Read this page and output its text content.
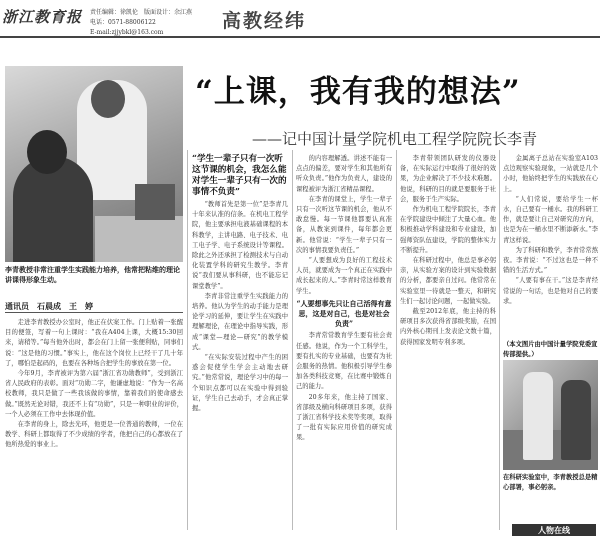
浙江教育报	责任编辑：徐凯伦　版面设计：余江燕
电话：0571-88006122
E-mail:zjjybkl@163.com
高教经纬
李青教授非常注重学生实践能力培养，他常把粘维的理论讲课得形象生动。
通讯员　石晨成　王　婷
“上课，我有我的想法”
——记中国计量学院机电工程学院院长李青
“学生一辈子只有一次听这节课的机会，我怎么能对学生一辈子只有一次的事情不负责”

走进李青教授办公室时，他正在伏案工作。门上贴着一张醒目的便签，写着一句上课时：“我在A404上课，大概15:30回来，请稍等。”每当他外出时，都会在门上留一张便利贴，同事们说：“这是他的习惯。”事实上，他在这个岗位上已经干了几十年了，哪怕是起码的，也要在各种场合把学生的事放在第一位。

今年9月，李青被评为第六届“浙江省功勋教师”，受到浙江省人民政府的表彰。面对“功勋二字，他谦虚地说：“作为一名高校教师，我只是做了一些我该做的事情，靠着我们的使命感去做。”既然无论对错，我还不上有“功勋”，只是一种职业的评价，一个人必须在工作中去体现价值。

在李青的身上，除去光环，他更是一位普通的教师，一位在教学、科研上都取得了不少成绩的学者，他把自己的心都放在了他所热爱的事业上。

“教师首先是第一位”是李青几十年来认准的信条。在机电工程学院，他主要承担电液基础课程的本科教学，主讲电路、电子技术、电工电子学、电子系统设计等课程。除此之外还承担了检测技术与自动化装置学科的研究生教学。李青说“我们要从事科研，也不能忘记课堂教学”。

李青非常注重学生实践能力的培养。他认为学生的动手能力是理论学习的延伸，要让学生在实践中理解理论，在理论中指导实践，形成“课堂—理论—研究”的教学模式。

“在实际安装过程中产生的困惑会促使学生学会主动地去研究。”他常常说，理论学习中的每一个知识点都可以在实验中得到验证，学生自己去动手，才会真正掌握。

的内容理解透。讲述不能有一点点的偏差，要对学生和其他所有听众负责。”他作为负责人，建设的课程被评为浙江省精品课程。

在李青的课堂上，学生一辈子只有一次听这节课的机会，他从不敢怠慢。每一节课他都要认真准备，从教案到课件，每年都会更新。他常说：“学生一辈子只有一次的事情我要负责任。”

“人要想成为良好的工程技术人员，就要成为一个真正在实践中成长起来的人。”李青时常这样教育学生。

“人要想事先只让自己活得有意思，这是对自己，也是对社会负责”

李青常常教育学生要有社会责任感。他说，作为一个工科学生，要有扎实的专业基础，也要有为社会服务的热情。他积极引导学生参加各类科技竞赛，在比赛中锻炼自己的能力。

20多年来，他主持了国家、省部级及横向科研项目多项，获得了浙江省科学技术奖等奖项，取得了一批有实际应用价值的研究成果。

李青带领团队研发的仪器设备，在实际运行中取得了很好的效果，为企业解决了不少技术难题。他说，科研的目的就是要服务于社会，服务于生产实际。

作为机电工程学院院长，李青在学院建设中倾注了大量心血。他积极推动学科建设和专业建设，加强师资队伍建设，学院的整体实力不断提升。

在科研过程中，他总是事必躬亲，从实验方案的设计到实验数据的分析，都要亲自过问。他常常在实验室里一待就是一整天，和研究生们一起讨论问题，一起做实验。

截至2012年底，他主持的科研项目多次获得省部级奖励，在国内外核心期刊上发表论文数十篇，获得国家发明专利多项。

金属离子总站在实验室A103点边观察实验现象，一站就是几个小时，他始终把学生的实践放在心上。

“人们常说，要给学生一杯水，自己要有一桶水。我的科研工作，就是要让自己对研究的方向，也是为在一桶水里不断添新水。”李青这样说。

为了科研和教学，李青常常熬夜。李青说：“不过这也是一种不错的生活方式。”

“人要有事在干。”这是李青经常说的一句话，也是他对自己的要求。

（本文图片由中国计量学院党委宣传部提供。）
在科研实验室中，李青教授总是精心部署，事必躬亲。
人物在线
